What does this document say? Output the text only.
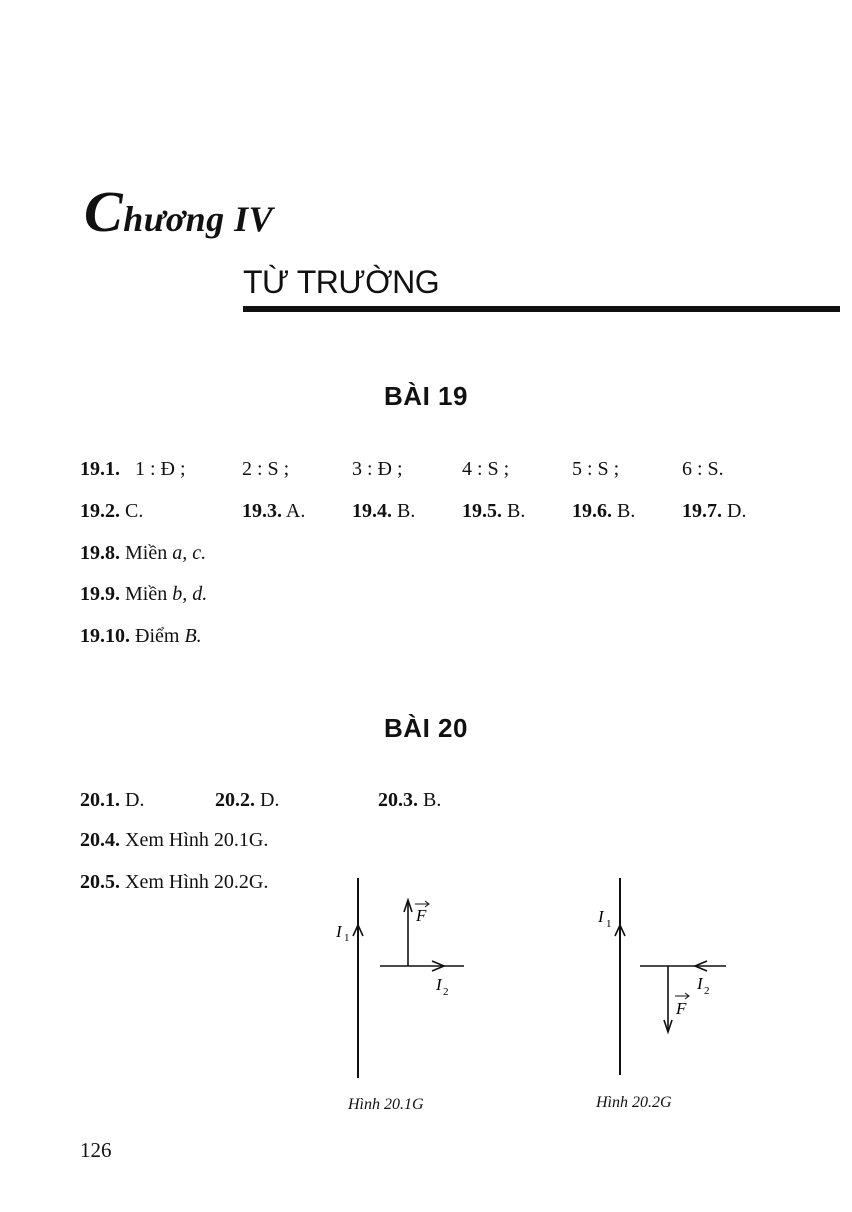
Chương IV
TỪ TRƯỜNG
BÀI 19
19.1. 1 : Đ ;	2 : S ;	3 : Đ ;	4 : S ;	5 : S ;	6 : S.
19.2. C.	19.3. A. 19.4. B. 19.5. B. 19.6. B. 19.7. D.
19.8. Miền a, c.
19.9. Miền b, d.
19.10. Điểm B.
BÀI 20
20.1. D.	20.2. D.	20.3. B.
20.4. Xem Hình 20.1G.
20.5. Xem Hình 20.2G.
F
I 1
I 2
Hình 20.1G
F
I 1
I 2
Hình 20.2G
126
